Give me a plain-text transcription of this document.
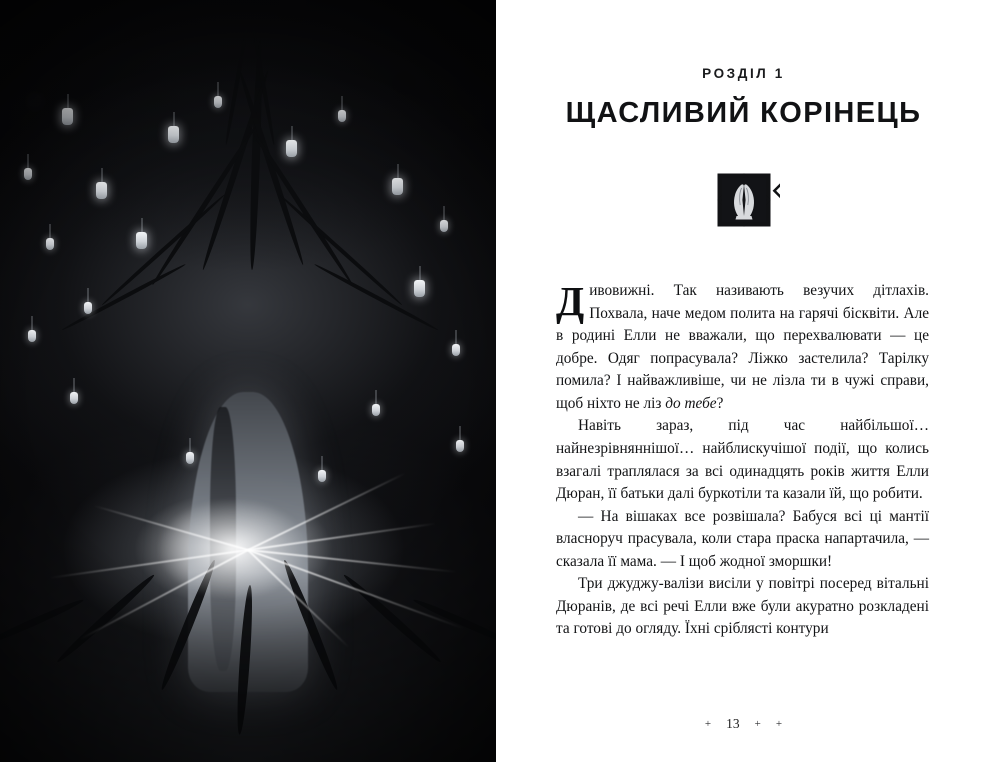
РОЗДІЛ 1
ЩАСЛИВИЙ КОРІНЕЦЬ

Дивовижні. Так називають везучих дітлахів. Похвала, наче медом полита на гарячі бісквіти. Але в родині Елли не вважали, що перехвалювати — це добре. Одяг попрасувала? Ліжко застелила? Тарілку помила? І найважливіше, чи не лізла ти в чужі справи, щоб ніхто не ліз до тебе?

Навіть зараз, під час найбільшої… найнезрівняннішої… найблискучішої події, що колись взагалі траплялася за всі одинадцять років життя Елли Дюран, її батьки далі буркотіли та казали їй, що робити.

— На вішаках все розвішала? Бабуся всі ці мантії власноруч прасувала, коли стара праска напартачила, — сказала її мама. — І щоб жодної зморшки!

Три джуджу-валізи висіли у повітрі посеред вітальні Дюранів, де всі речі Елли вже були акуратно розкладені та готові до огляду. Їхні сріблясті контури

+ 13 + +
